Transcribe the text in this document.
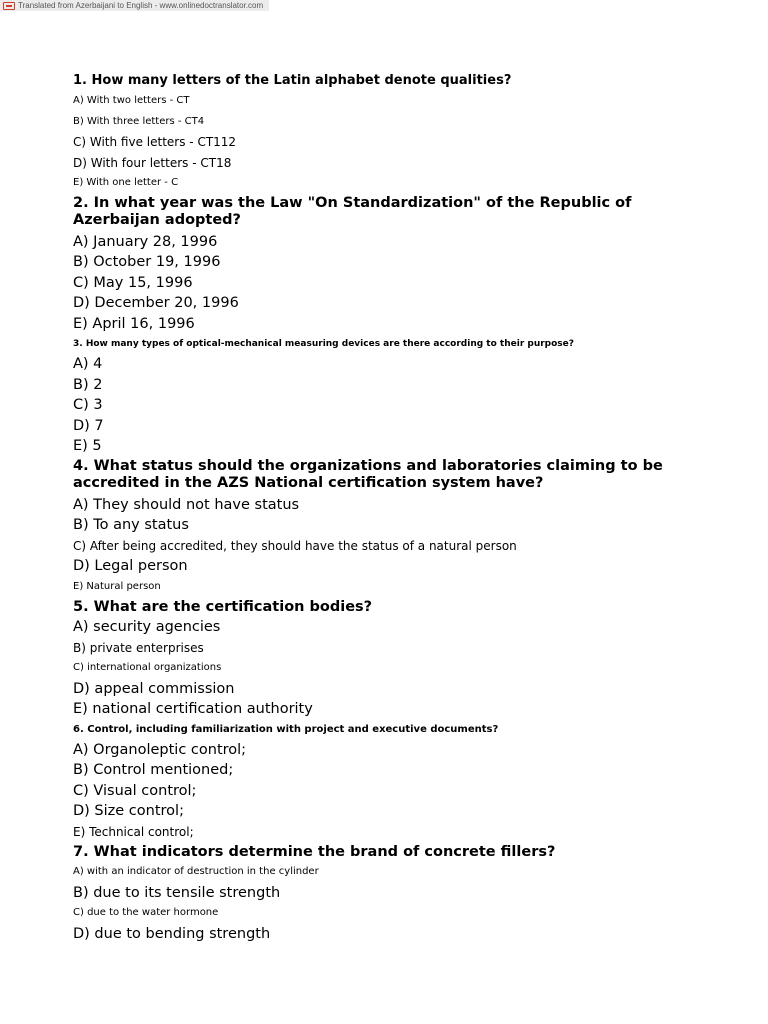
Translated from Azerbaijani to English - www.onlinedoctranslator.com

1. How many letters of the Latin alphabet denote qualities?

A) With two letters - CT

B) With three letters - CT4

C) With five letters - CT112

D) With four letters - CT18

E) With one letter - C

2. In what year was the Law "On Standardization" of the Republic of Azerbaijan adopted?

A) January 28, 1996

B) October 19, 1996

C) May 15, 1996

D) December 20, 1996

E) April 16, 1996

3. How many types of optical-mechanical measuring devices are there according to their purpose?

A) 4

B) 2

C) 3

D) 7

E) 5

4. What status should the organizations and laboratories claiming to be accredited in the AZS National certification system have?

A) They should not have status

B) To any status

C) After being accredited, they should have the status of a natural person

D) Legal person

E) Natural person

5. What are the certification bodies?

A) security agencies

B) private enterprises

C) international organizations

D) appeal commission

E) national certification authority

6. Control, including familiarization with project and executive documents?

A) Organoleptic control;

B) Control mentioned;

C) Visual control;

D) Size control;

E) Technical control;

7. What indicators determine the brand of concrete fillers?

A) with an indicator of destruction in the cylinder

B) due to its tensile strength

C) due to the water hormone

D) due to bending strength
